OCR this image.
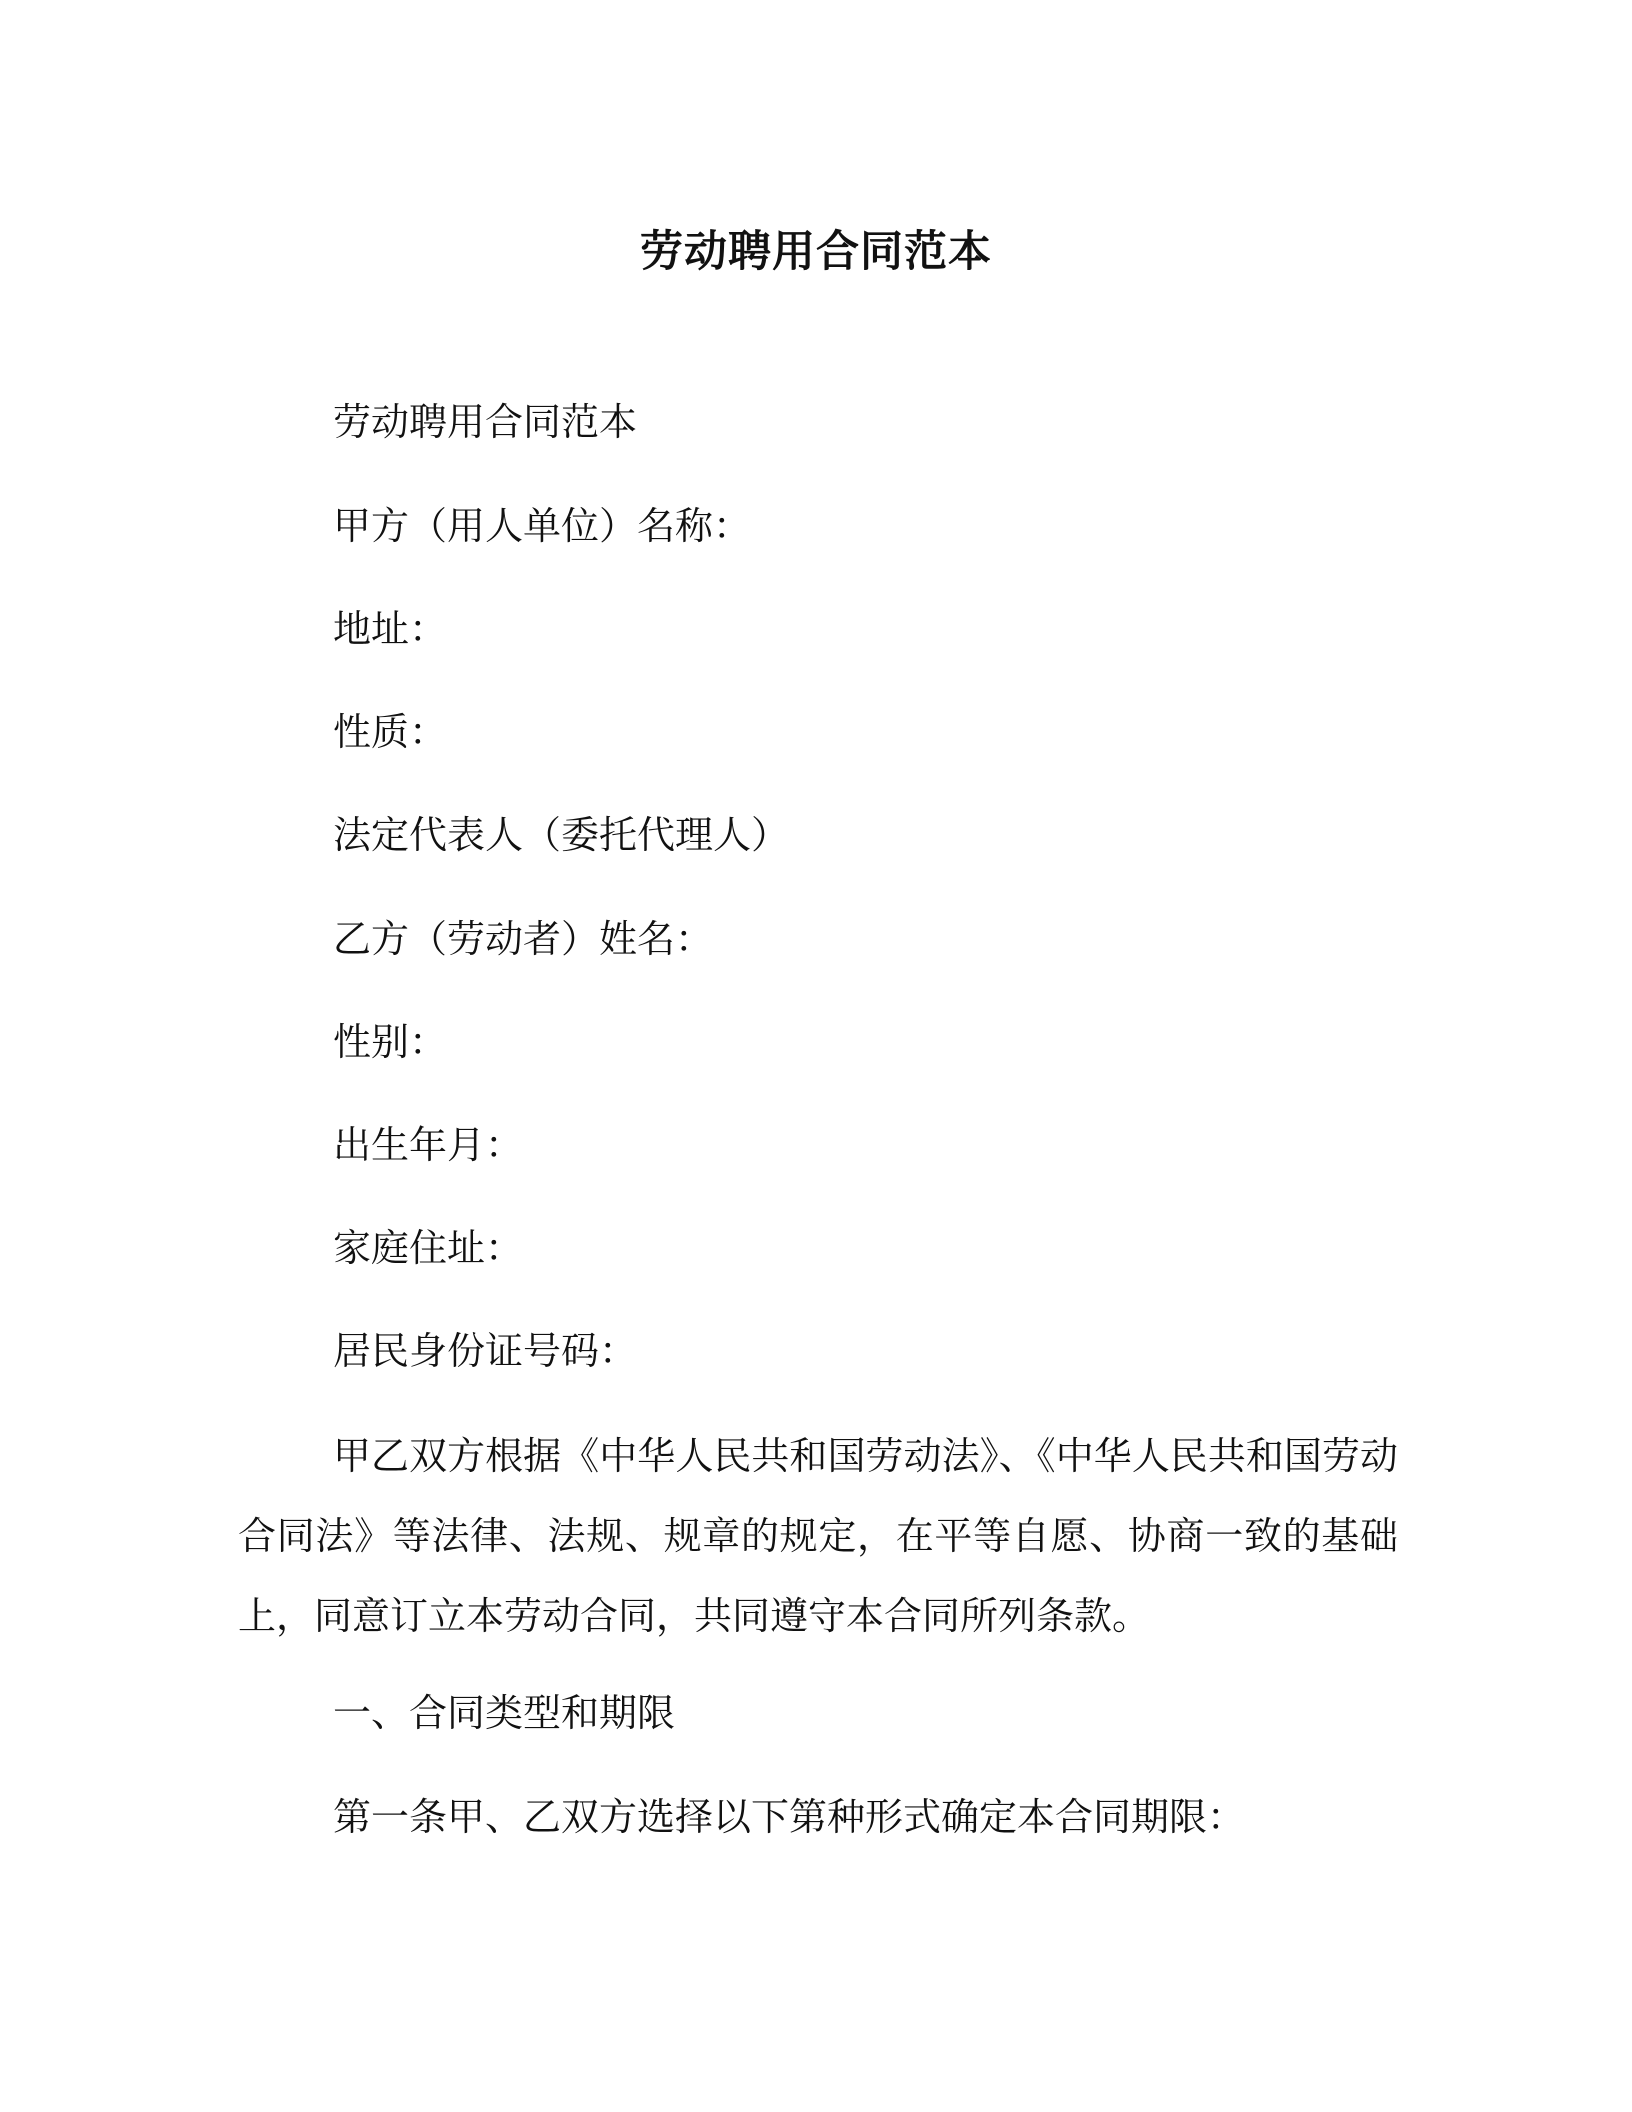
劳动聘用合同范本
劳动聘用合同范本
甲方（用人单位）名称：
地址：
性质：
法定代表人（委托代理人）
乙方（劳动者）姓名：
性别：
出生年月：
家庭住址：
居民身份证号码：
甲乙双方根据《中华人民共和国劳动法》、《中华人民共和国劳动合同法》等法律、法规、规章的规定，在平等自愿、协商一致的基础上，同意订立本劳动合同，共同遵守本合同所列条款。
一、合同类型和期限
第一条甲、乙双方选择以下第种形式确定本合同期限：
